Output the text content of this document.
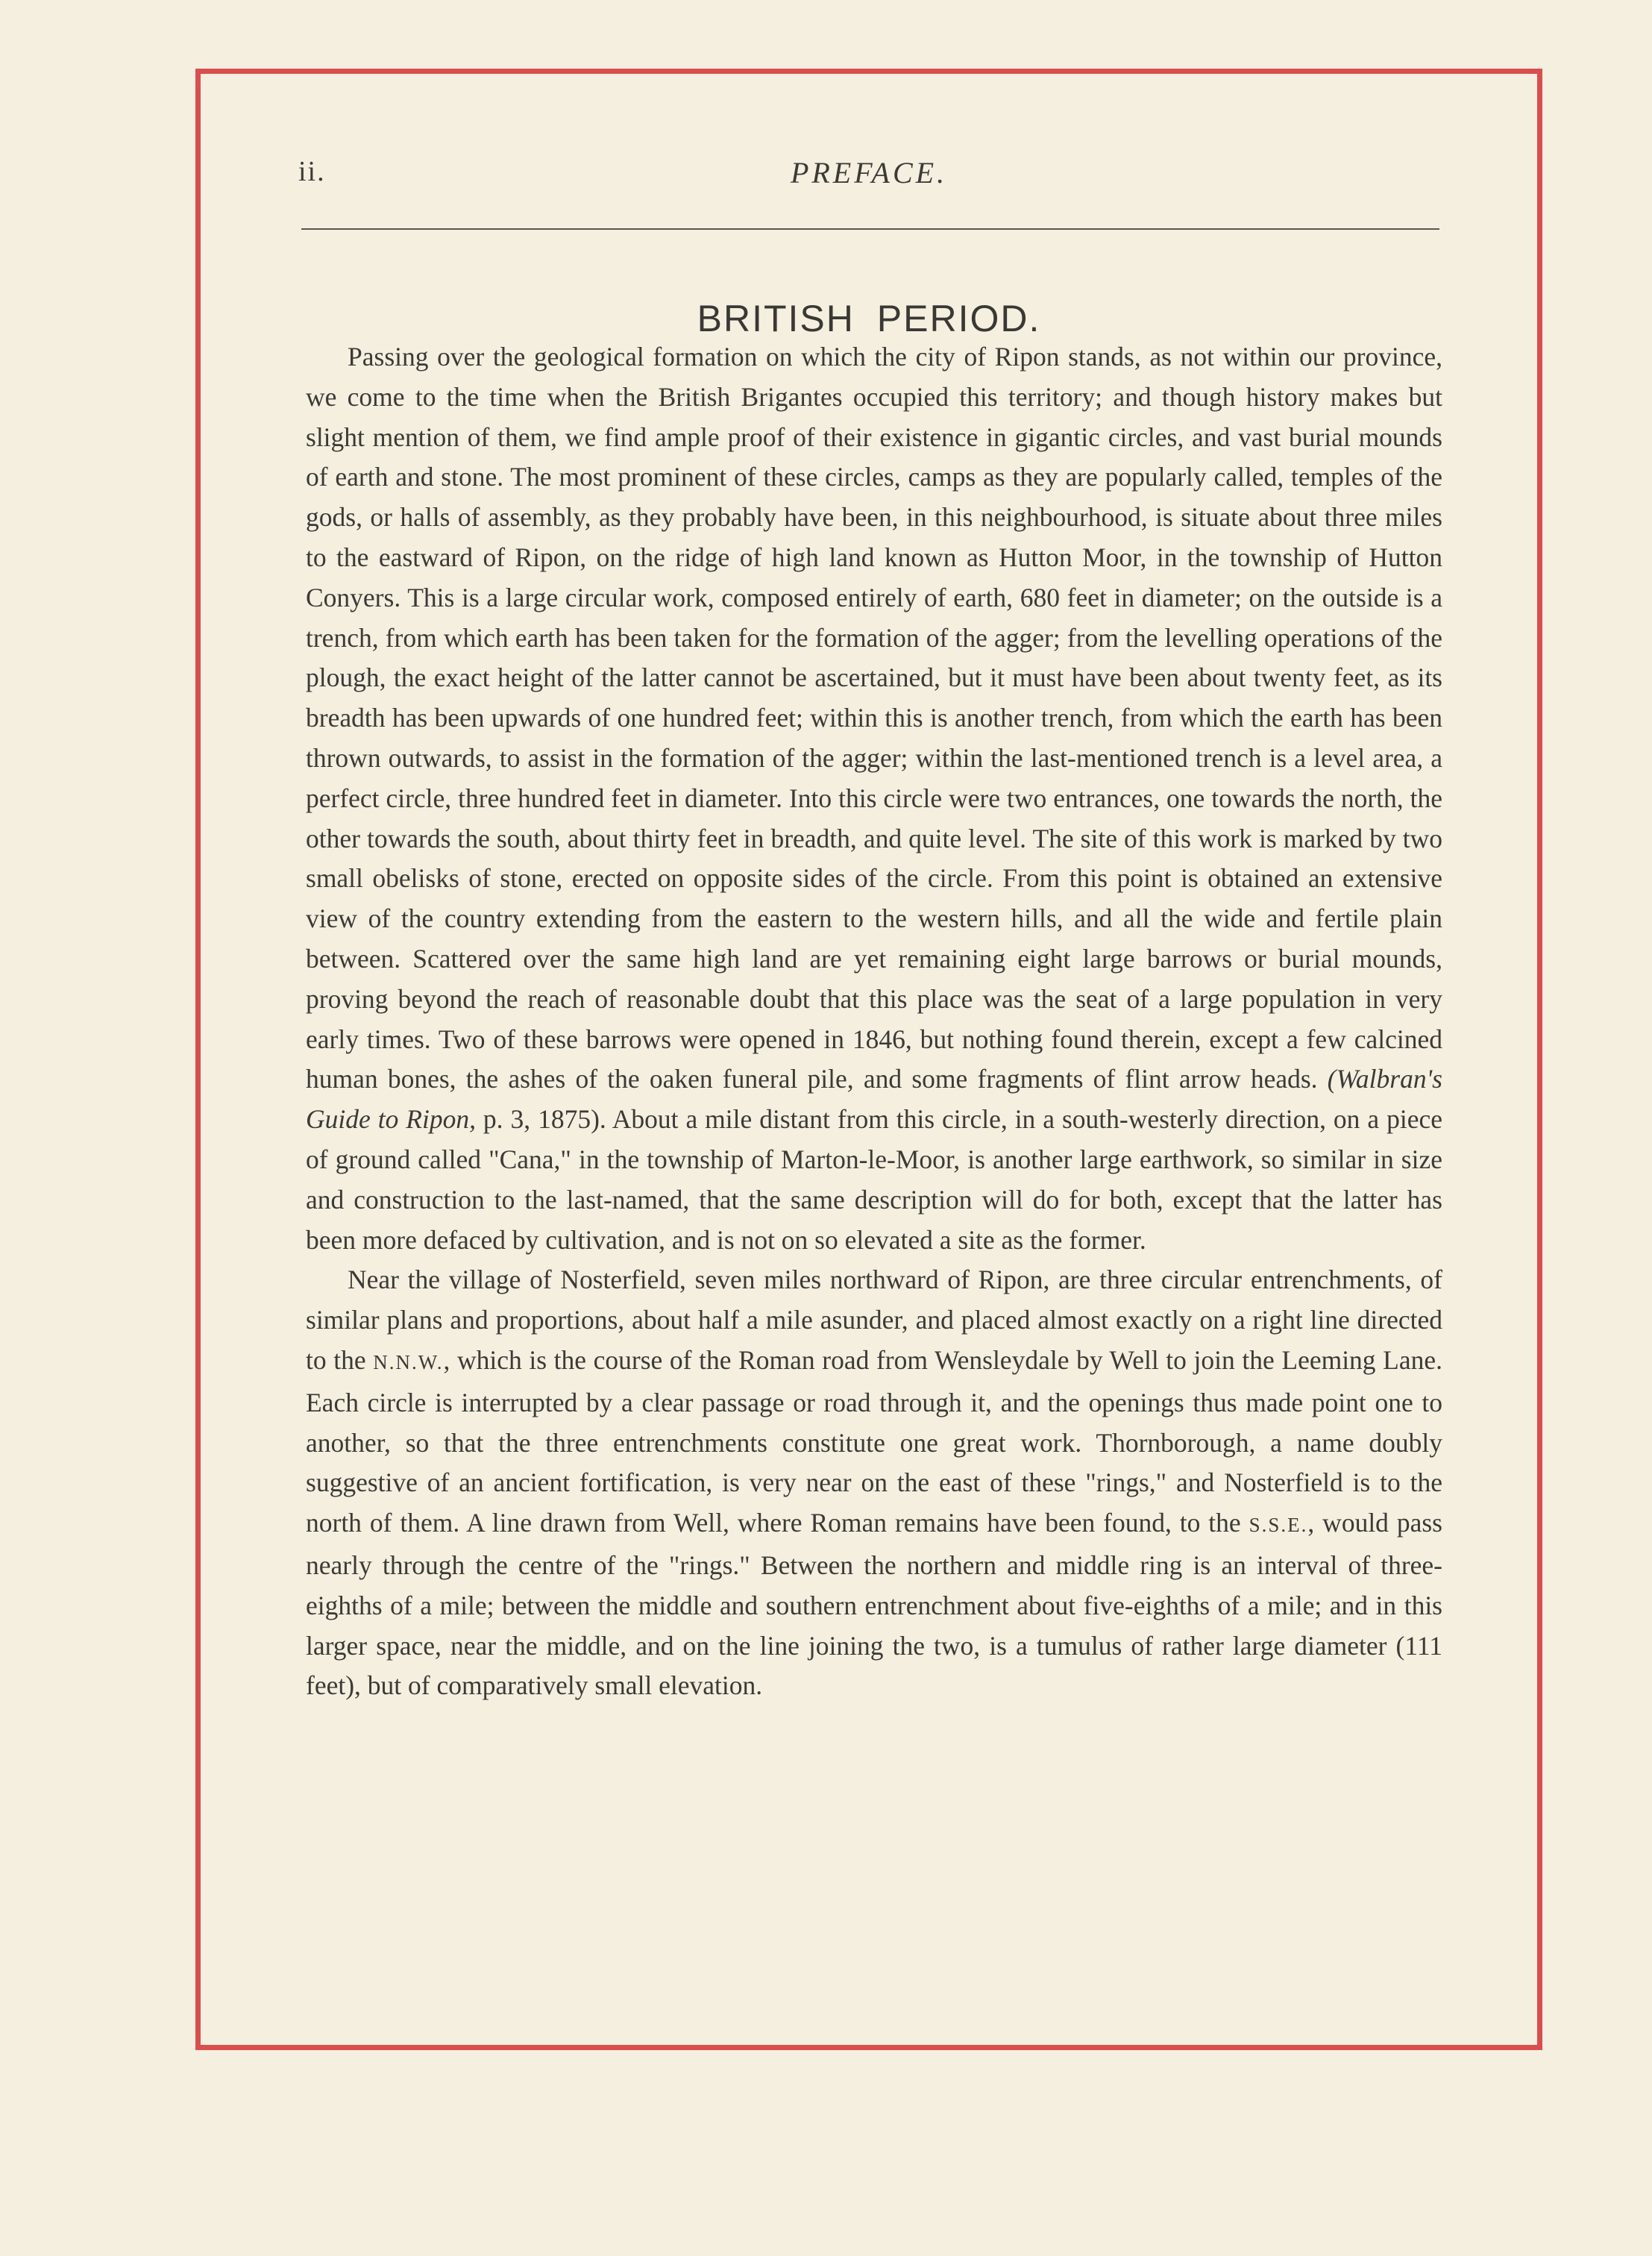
ii.	PREFACE.
BRITISH PERIOD.

Passing over the geological formation on which the city of Ripon stands, as not within our province, we come to the time when the British Brigantes occupied this territory; and though history makes but slight mention of them, we find ample proof of their existence in gigantic circles, and vast burial mounds of earth and stone. The most prominent of these circles, camps as they are popularly called, temples of the gods, or halls of assembly, as they probably have been, in this neighbourhood, is situate about three miles to the eastward of Ripon, on the ridge of high land known as Hutton Moor, in the township of Hutton Conyers. This is a large circular work, composed entirely of earth, 680 feet in diameter; on the outside is a trench, from which earth has been taken for the formation of the agger; from the levelling operations of the plough, the exact height of the latter cannot be ascertained, but it must have been about twenty feet, as its breadth has been upwards of one hundred feet; within this is another trench, from which the earth has been thrown outwards, to assist in the formation of the agger; within the last-mentioned trench is a level area, a perfect circle, three hundred feet in diameter. Into this circle were two entrances, one towards the north, the other towards the south, about thirty feet in breadth, and quite level. The site of this work is marked by two small obelisks of stone, erected on opposite sides of the circle. From this point is obtained an extensive view of the country extending from the eastern to the western hills, and all the wide and fertile plain between. Scattered over the same high land are yet remaining eight large barrows or burial mounds, proving beyond the reach of reasonable doubt that this place was the seat of a large population in very early times. Two of these barrows were opened in 1846, but nothing found therein, except a few calcined human bones, the ashes of the oaken funeral pile, and some fragments of flint arrow heads. (Walbran's Guide to Ripon, p. 3, 1875). About a mile distant from this circle, in a south-westerly direction, on a piece of ground called "Cana," in the township of Marton-le-Moor, is another large earthwork, so similar in size and construction to the last-named, that the same description will do for both, except that the latter has been more defaced by cultivation, and is not on so elevated a site as the former.

Near the village of Nosterfield, seven miles northward of Ripon, are three circular entrenchments, of similar plans and proportions, about half a mile asunder, and placed almost exactly on a right line directed to the N.N.W., which is the course of the Roman road from Wensleydale by Well to join the Leeming Lane. Each circle is interrupted by a clear passage or road through it, and the openings thus made point one to another, so that the three entrenchments constitute one great work. Thornborough, a name doubly suggestive of an ancient fortification, is very near on the east of these "rings," and Nosterfield is to the north of them. A line drawn from Well, where Roman remains have been found, to the S.S.E., would pass nearly through the centre of the "rings." Between the northern and middle ring is an interval of three-eighths of a mile; between the middle and southern entrenchment about five-eighths of a mile; and in this larger space, near the middle, and on the line joining the two, is a tumulus of rather large diameter (111 feet), but of comparatively small elevation.
